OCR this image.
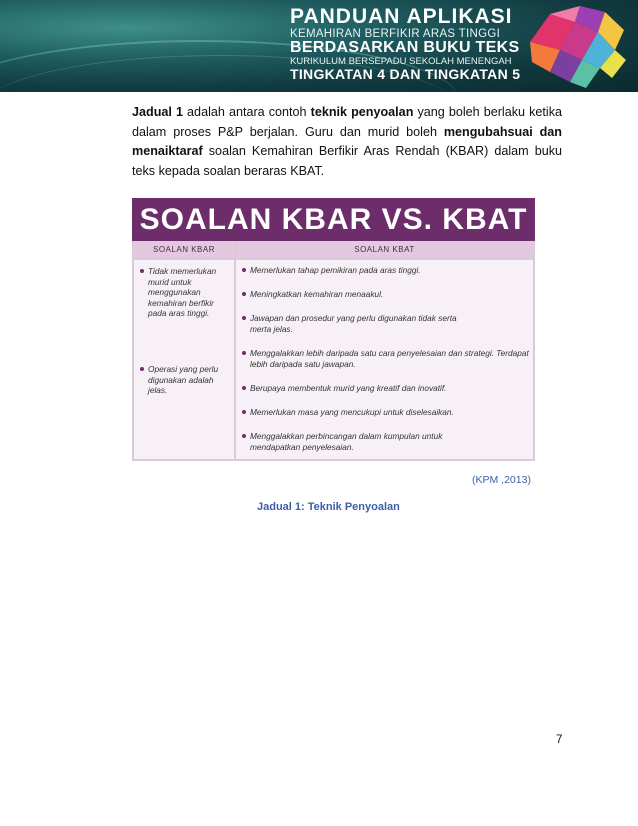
PANDUAN APLIKASI
KEMAHIRAN BERFIKIR ARAS TINGGI
BERDASARKAN BUKU TEKS
KURIKULUM BERSEPADU SEKOLAH MENENGAH
TINGKATAN 4 DAN TINGKATAN 5
Jadual 1 adalah antara contoh teknik penyoalan yang boleh berlaku ketika dalam proses P&P berjalan. Guru dan murid boleh mengubahsuai dan menaiktaraf soalan Kemahiran Berfikir Aras Rendah (KBAR) dalam buku teks kepada soalan beraras KBAT.
SOALAN KBAR VS. KBAT
SOALAN KBAR	SOALAN KBAT
Tidak memerlukan murid untuk menggunakan kemahiran berfikir pada aras tinggi.
Operasi yang perlu digunakan adalah jelas.
Memerlukan tahap pemikiran pada aras tinggi.
Meningkatkan kemahiran menaakul.
Jawapan dan prosedur yang perlu digunakan tidak serta merta jelas.
Menggalakkan lebih daripada satu cara penyelesaian dan strategi. Terdapat lebih daripada satu jawapan.
Berupaya membentuk murid yang kreatif dan inovatif.
Memerlukan masa yang mencukupi untuk diselesaikan.
Menggalakkan perbincangan dalam kumpulan untuk mendapatkan penyelesaian.
(KPM ,2013)
Jadual 1: Teknik Penyoalan
7
